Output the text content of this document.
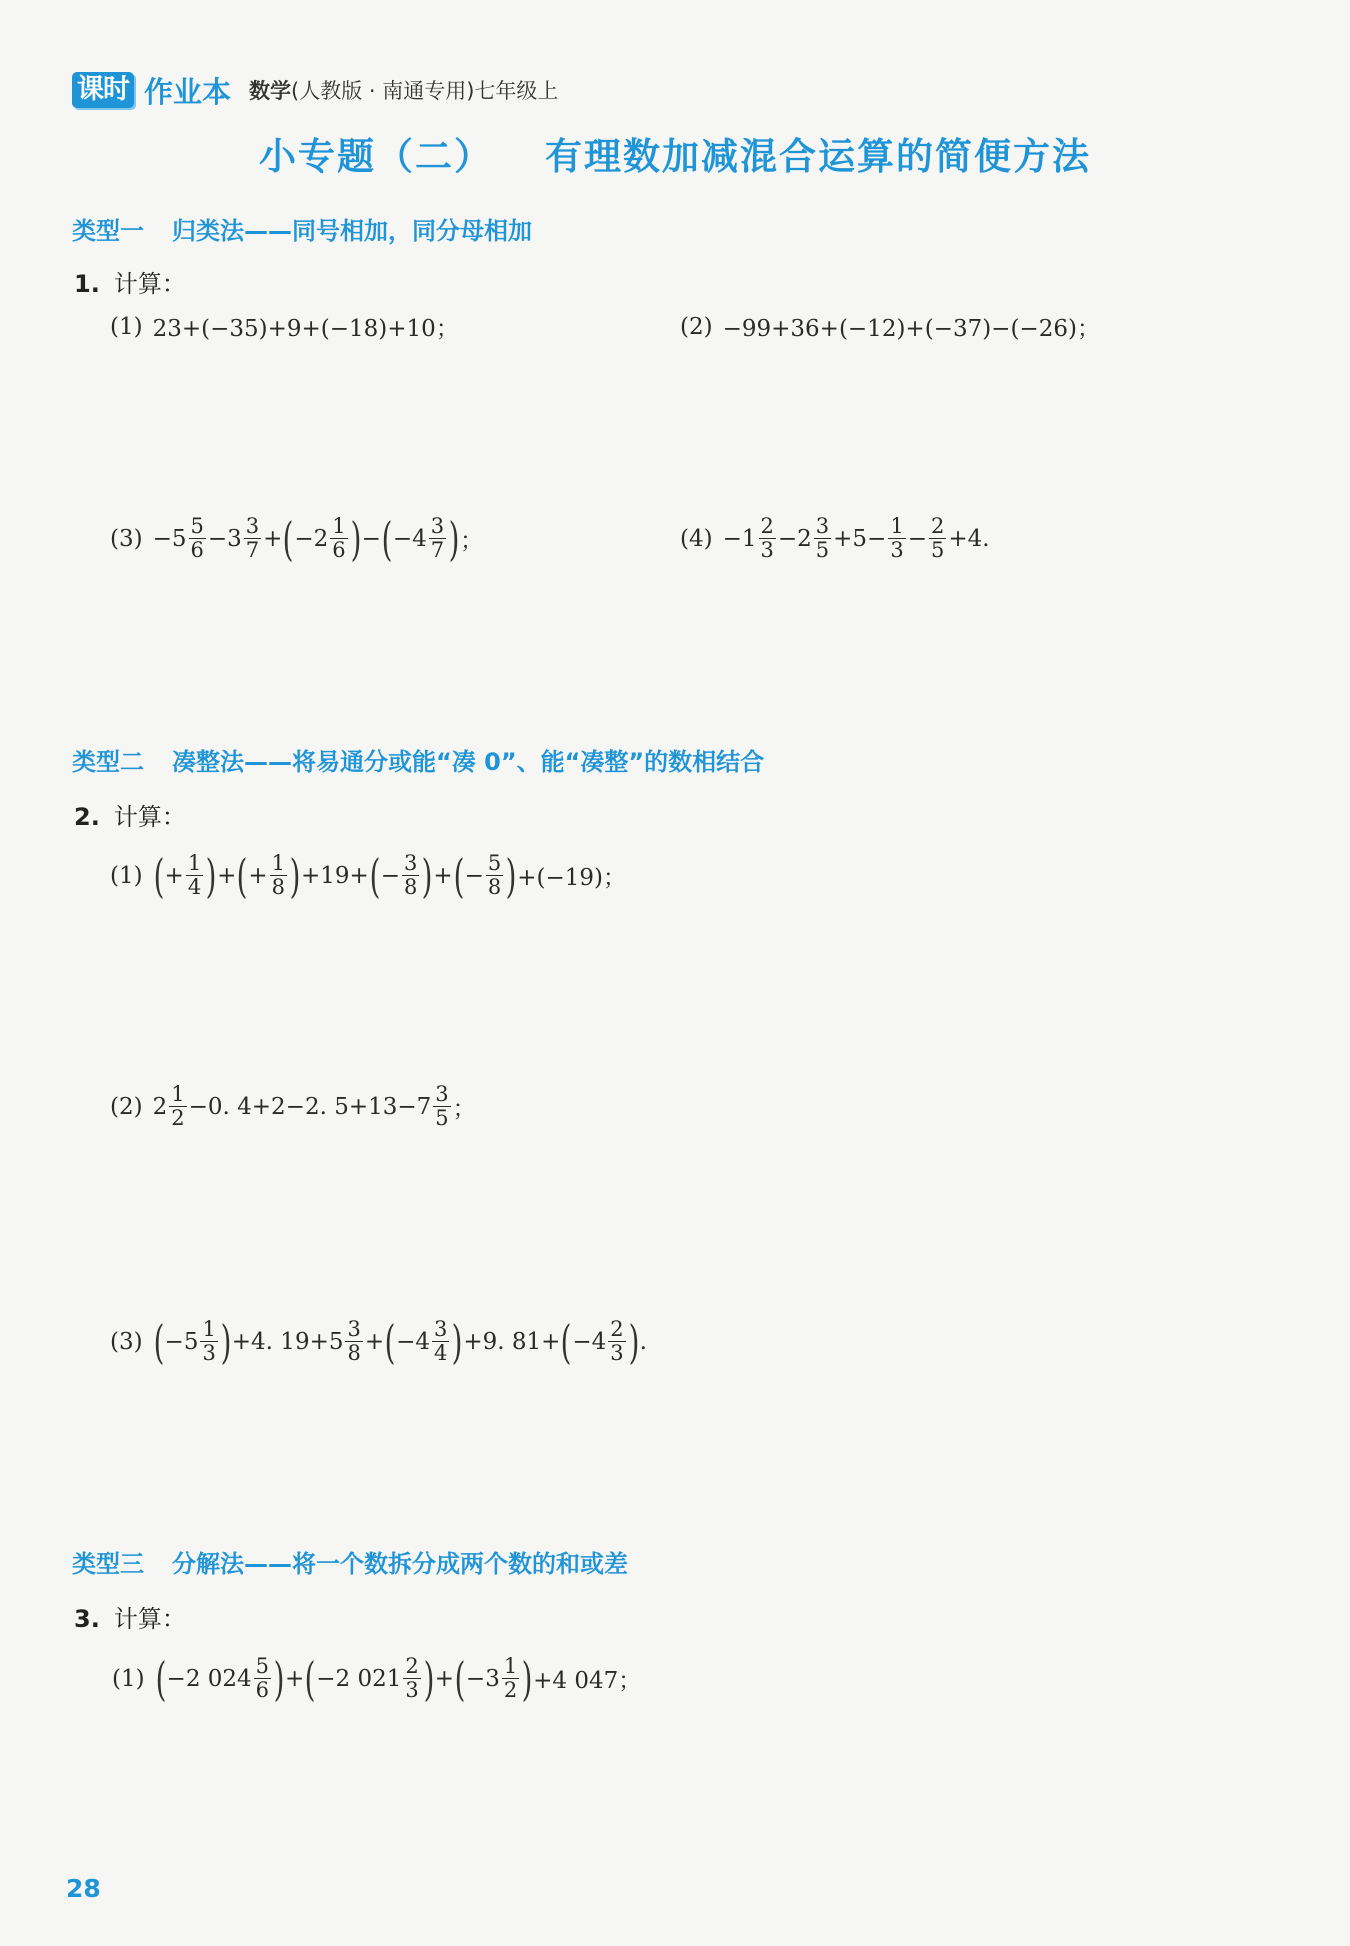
课时 作业本 数学(人教版 · 南通专用)七年级上
小专题（二） 有理数加减混合运算的简便方法
类型一 归类法——同号相加，同分母相加
1. 计算：
(1) 23+(−35)+9+(−18)+10；	(2) −99+36+(−12)+(−37)−(−26)；
$(3) -5 \frac{5}{6} -3 \frac{3}{7}$ + ( $-2 \frac{1}{6}$ ) − ( $-4 \frac{3}{7}$ ) ；	$(4) -1 \frac{2}{3} -2 \frac{3}{5} +5- \frac{1}{3} - \frac{2}{5} +4$.
类型二 凑整法——将易通分或能“凑 0”、能“凑整”的数相结合
2. 计算：
(1) ( + $\frac{1}{4}$ ) + ( + $\frac{1}{8}$ ) +19+ ( − $\frac{3}{8}$ ) + ( − $\frac{5}{8}$ ) +(−19)；
(2) $2 \frac{1}{2} -0$. 4+2−2. $5+13-7 \frac{3}{5}$ ；
(3) ( $-5 \frac{1}{3}$ ) +4. $19+5 \frac{3}{8}$ + ( $-4 \frac{3}{4}$ ) +9. 81+ ( $-4 \frac{2}{3}$ ) .
类型三 分解法——将一个数拆分成两个数的和或差
3. 计算：
(1) ( −2 $024 \frac{5}{6}$ ) + ( −2 $021 \frac{2}{3}$ ) + ( $-3 \frac{1}{2}$ ) +4 047；
28
